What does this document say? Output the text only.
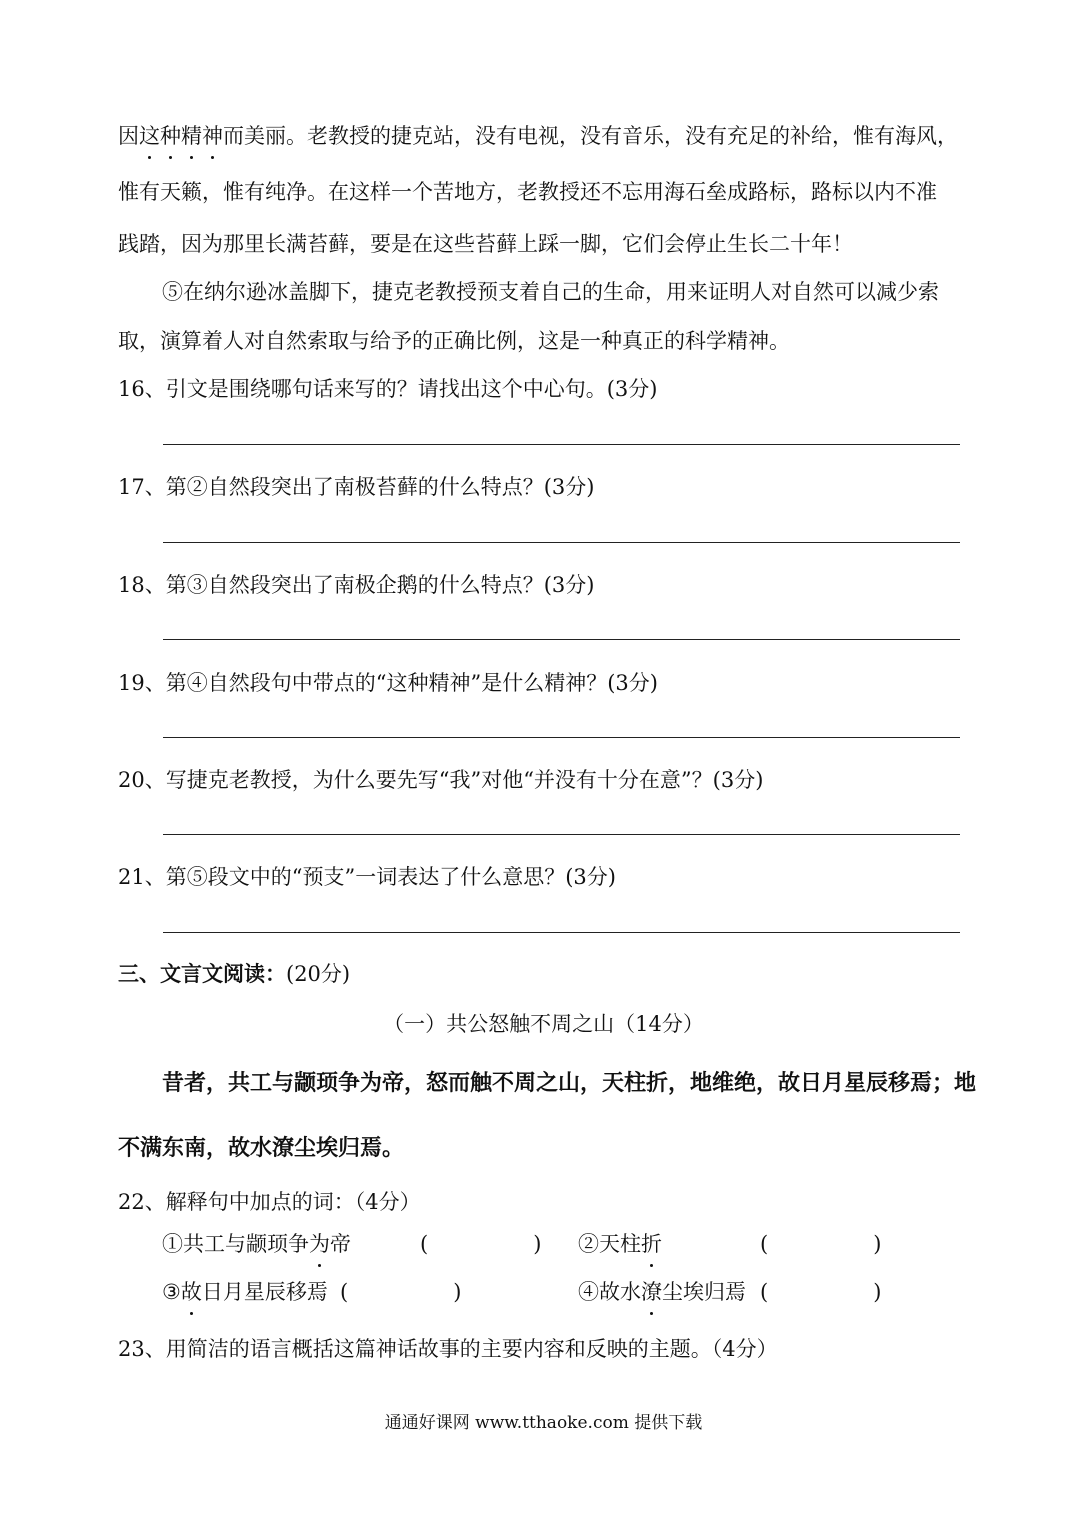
因这种精神而美丽。老教授的捷克站，没有电视，没有音乐，没有充足的补给，惟有海风，
惟有天籁，惟有纯净。在这样一个苦地方，老教授还不忘用海石垒成路标，路标以内不准
践踏，因为那里长满苔藓，要是在这些苔藓上踩一脚，它们会停止生长二十年！
⑤在纳尔逊冰盖脚下，捷克老教授预支着自己的生命，用来证明人对自然可以减少索
取，演算着人对自然索取与给予的正确比例，这是一种真正的科学精神。
16、引文是围绕哪句话来写的？请找出这个中心句。(3分)
17、第②自然段突出了南极苔藓的什么特点？(3分)
18、第③自然段突出了南极企鹅的什么特点？(3分)
19、第④自然段句中带点的“这种精神”是什么精神？(3分)
20、写捷克老教授，为什么要先写“我”对他“并没有十分在意”？(3分)
21、第⑤段文中的“预支”一词表达了什么意思？(3分)
三、文言文阅读：(20分)
（一）共公怒触不周之山（14分）
昔者，共工与颛顼争为帝，怒而触不周之山，天柱折，地维绝，故日月星辰移焉；地
不满东南，故水潦尘埃归焉。
22、解释句中加点的词：（4分）
①共工与颛顼争为帝	(　　　　　) ②天柱折	(　　　　　)
③故日月星辰移焉 (　　　　　)	④故水潦尘埃归焉 (　　　　　)
23、用简洁的语言概括这篇神话故事的主要内容和反映的主题。（4分）
通通好课网 www.tthaoke.com 提供下载
